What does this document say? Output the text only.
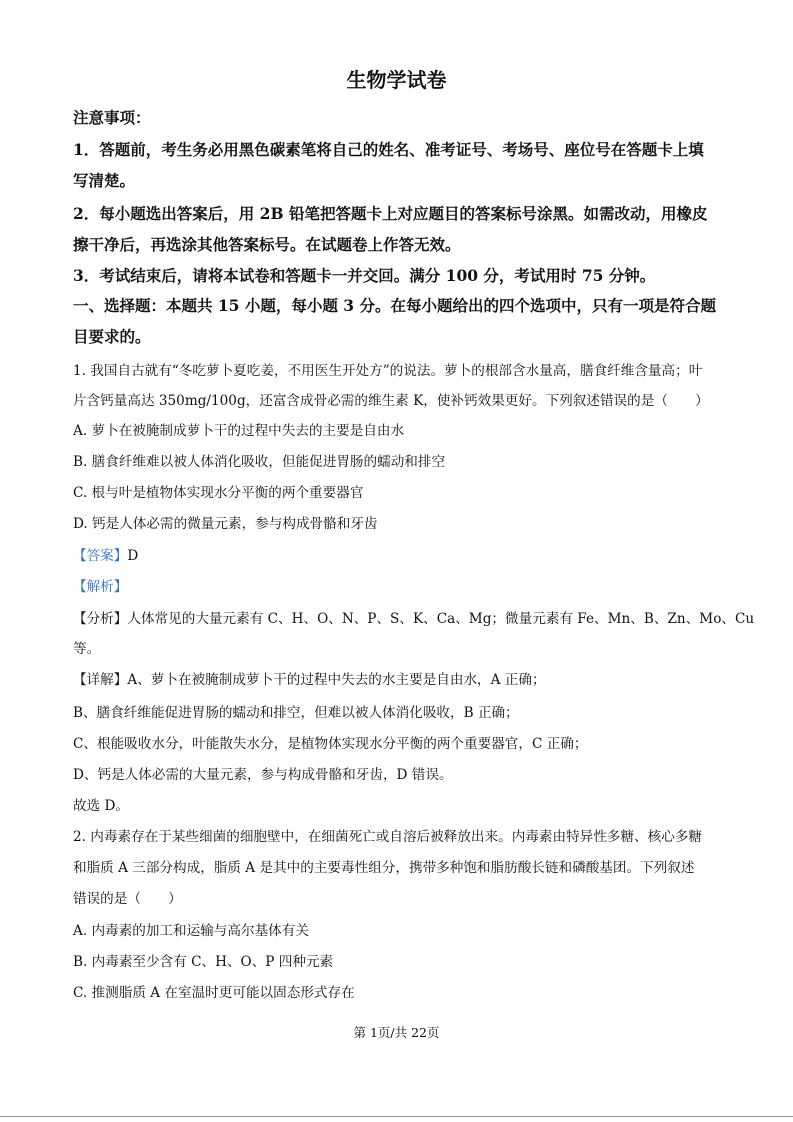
生物学试卷
注意事项：
1．答题前，考生务必用黑色碳素笔将自己的姓名、准考证号、考场号、座位号在答题卡上填
写清楚。
2．每小题选出答案后，用 2B 铅笔把答题卡上对应题目的答案标号涂黑。如需改动，用橡皮
擦干净后，再选涂其他答案标号。在试题卷上作答无效。
3．考试结束后，请将本试卷和答题卡一并交回。满分 100 分，考试用时 75 分钟。
一、选择题：本题共 15 小题，每小题 3 分。在每小题给出的四个选项中，只有一项是符合题
目要求的。
1. 我国自古就有“冬吃萝卜夏吃姜，不用医生开处方”的说法。萝卜的根部含水量高，膳食纤维含量高；叶
片含钙量高达 350mg/100g，还富含成骨必需的维生素 K，使补钙效果更好。下列叙述错误的是（　　）
A. 萝卜在被腌制成萝卜干的过程中失去的主要是自由水
B. 膳食纤维难以被人体消化吸收，但能促进胃肠的蠕动和排空
C. 根与叶是植物体实现水分平衡的两个重要器官
D. 钙是人体必需的微量元素，参与构成骨骼和牙齿
【答案】D
【解析】
【分析】人体常见的大量元素有 C、H、O、N、P、S、K、Ca、Mg；微量元素有 Fe、Mn、B、Zn、Mo、Cu
等。
【详解】A、萝卜在被腌制成萝卜干的过程中失去的水主要是自由水，A 正确；
B、膳食纤维能促进胃肠的蠕动和排空，但难以被人体消化吸收，B 正确；
C、根能吸收水分，叶能散失水分，是植物体实现水分平衡的两个重要器官，C 正确；
D、钙是人体必需的大量元素，参与构成骨骼和牙齿，D 错误。
故选 D。
2. 内毒素存在于某些细菌的细胞壁中，在细菌死亡或自溶后被释放出来。内毒素由特异性多糖、核心多糖
和脂质 A 三部分构成，脂质 A 是其中的主要毒性组分，携带多种饱和脂肪酸长链和磷酸基团。下列叙述
错误的是（　　）
A. 内毒素的加工和运输与高尔基体有关
B. 内毒素至少含有 C、H、O、P 四种元素
C. 推测脂质 A 在室温时更可能以固态形式存在
第 1页/共 22页
